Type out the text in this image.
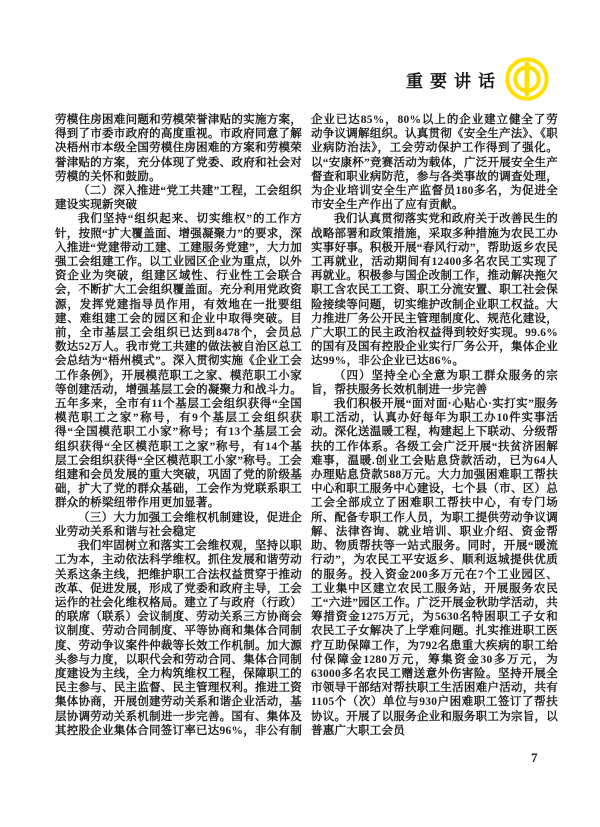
重要讲话

劳模住房困难问题和劳模荣誉津贴的实施方案，得到了市委市政府的高度重视。市政府同意了解决梧州市本级全国劳模住房困难的方案和劳模荣誉津贴的方案，充分体现了党委、政府和社会对劳模的关怀和鼓励。

（二）深入推进“党工共建”工程，工会组织建设实现新突破

我们坚持“组织起来、切实维权”的工作方针，按照“扩大覆盖面、增强凝聚力”的要求，深入推进“党建带动工建、工建服务党建”，大力加强工会组建工作。以工业园区企业为重点，以外资企业为突破，组建区域性、行业性工会联合会，不断扩大工会组织覆盖面。充分利用党政资源，发挥党建指导员作用，有效地在一批要组建、难组建工会的园区和企业中取得突破。目前，全市基层工会组织已达到8478个，会员总数达52万人。我市党工共建的做法被自治区总工会总结为“梧州模式”。深入贯彻实施《企业工会工作条例》，开展模范职工之家、模范职工小家等创建活动，增强基层工会的凝聚力和战斗力。五年多来，全市有11个基层工会组织获得“全国模范职工之家”称号，有9个基层工会组织获得“全国模范职工小家”称号；有13个基层工会组织获得“全区模范职工之家”称号，有14个基层工会组织获得“全区模范职工小家”称号。工会组建和会员发展的重大突破，巩固了党的阶级基础，扩大了党的群众基础，工会作为党联系职工群众的桥梁纽带作用更加显著。

（三）大力加强工会维权机制建设，促进企业劳动关系和谐与社会稳定

我们牢固树立和落实工会维权观，坚持以职工为本，主动依法科学维权。抓住发展和谐劳动关系这条主线，把维护职工合法权益贯穿于推动改革、促进发展，形成了党委和政府主导，工会运作的社会化维权格局。建立了与政府（行政）的联席（联系）会议制度、劳动关系三方协商会议制度、劳动合同制度、平等协商和集体合同制度、劳动争议案件仲裁等长效工作机制。加大源头参与力度，以职代会和劳动合同、集体合同制度建设为主线，全力构筑维权工程，保障职工的民主参与、民主监督、民主管理权利。推进工资集体协商，开展创建劳动关系和谐企业活动，基层协调劳动关系机制进一步完善。国有、集体及其控股企业集体合同签订率已达96%，非公有制

企业已达85%，80%以上的企业建立健全了劳动争议调解组织。认真贯彻《安全生产法》、《职业病防治法》，工会劳动保护工作得到了强化。以“安康杯”竞赛活动为载体，广泛开展安全生产督查和职业病防范，参与各类事故的调查处理，为企业培训安全生产监督员180多名，为促进全市安全生产作出了应有贡献。

我们认真贯彻落实党和政府关于改善民生的战略部署和政策措施，采取多种措施为农民工办实事好事。积极开展“春风行动”，帮助返乡农民工再就业，活动期间有12400多名农民工实现了再就业。积极参与国企改制工作，推动解决拖欠职工含农民工工资、职工分流安置、职工社会保险接续等问题，切实维护改制企业职工权益。大力推进厂务公开民主管理制度化、规范化建设，广大职工的民主政治权益得到较好实现。99.6%的国有及国有控股企业实行厂务公开，集体企业达99%，非公企业已达86%。

（四）坚持全心全意为职工群众服务的宗旨，帮扶服务长效机制进一步完善

我们积极开展“面对面·心贴心·实打实”服务职工活动，认真办好每年为职工办10件实事活动。深化送温暖工程，构建起上下联动、分级帮扶的工作体系。各级工会广泛开展“扶贫济困解难事，温暖.创业工会贴息贷款活动，已为64人办理贴息贷款588万元。大力加强困难职工帮扶中心和职工服务中心建设，七个县（市、区）总工会全部成立了困难职工帮扶中心，有专门场所、配备专职工作人员，为职工提供劳动争议调解、法律咨询、就业培训、职业介绍、资金帮助、物质帮扶等一站式服务。同时，开展“暖流行动”，为农民工平安返乡、顺利返城提供优质的服务。投入资金200多万元在7个工业园区、工业集中区建立农民工服务站，开展服务农民工“六进”园区工作。广泛开展金秋助学活动，共筹措资金1275万元，为5630名特困职工子女和农民工子女解决了上学难问题。扎实推进职工医疗互助保障工作，为792名患重大疾病的职工给付保障金1280万元，筹集资金30多万元，为63000多名农民工赠送意外伤害险。坚持开展全市领导干部结对帮扶职工生活困难户活动，共有1105个（次）单位与930户困难职工签订了帮扶协议。开展了以服务企业和服务职工为宗旨，以普惠广大职工会员

7
